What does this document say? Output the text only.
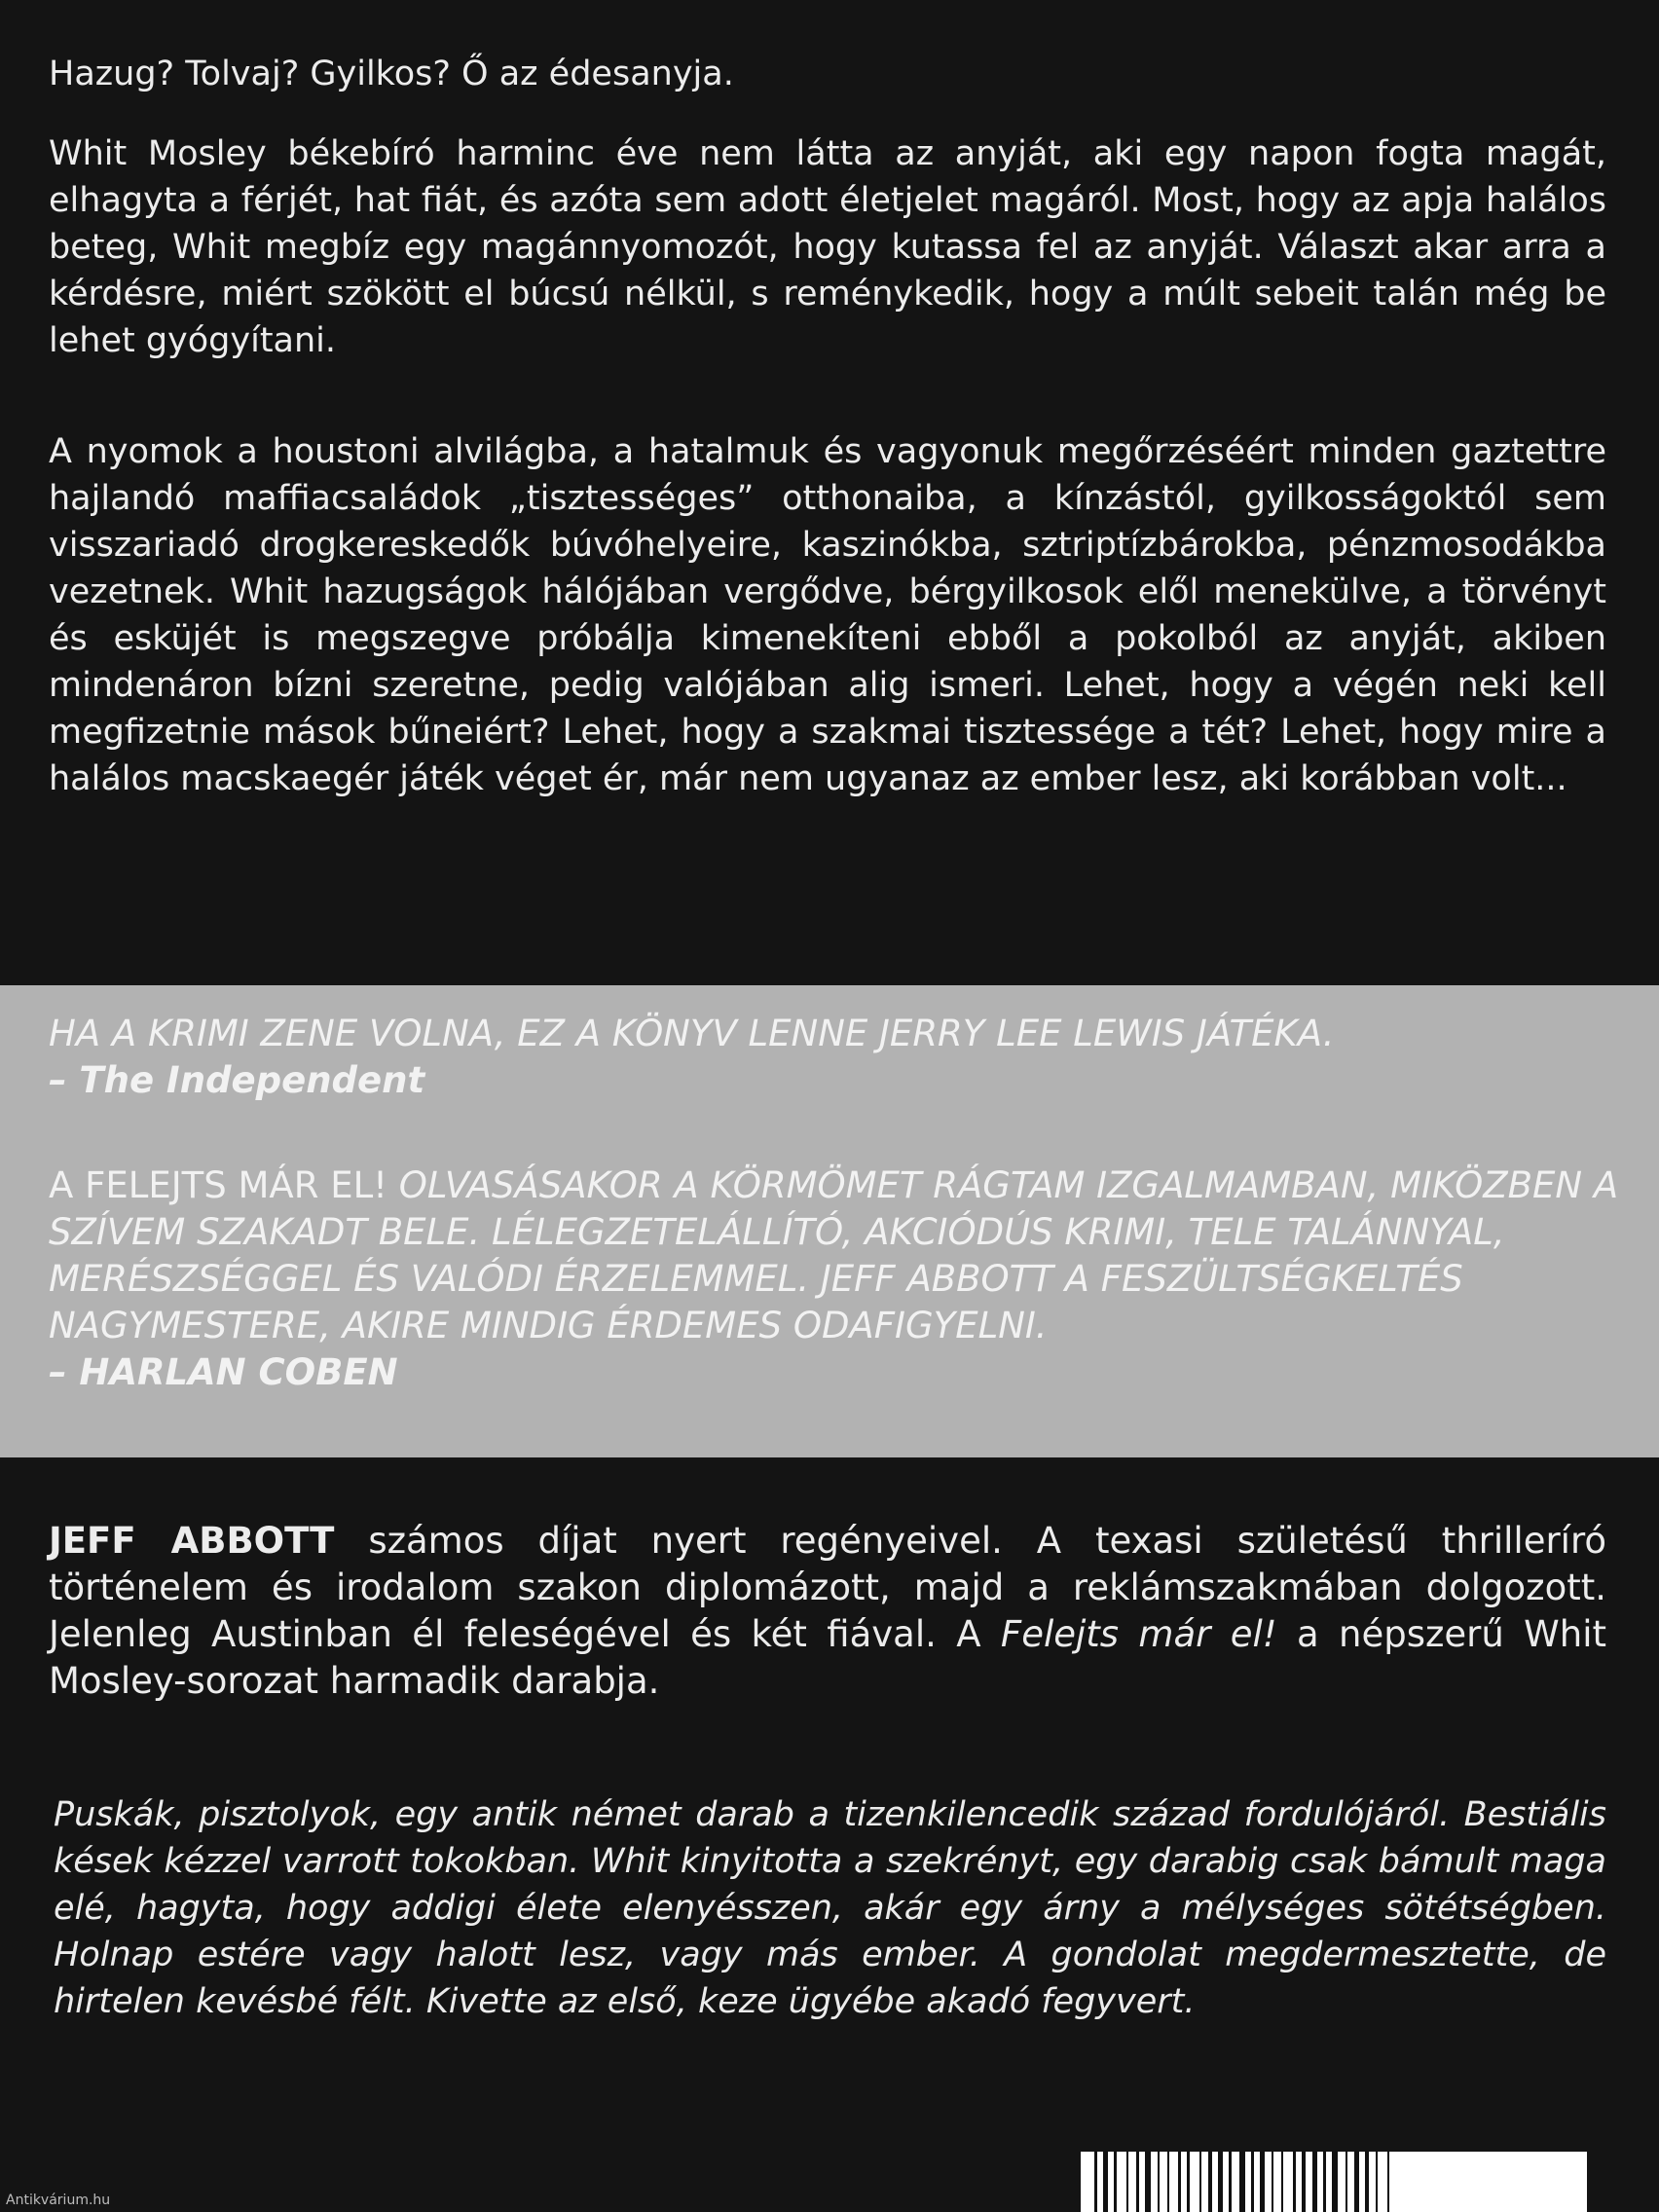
Hazug? Tolvaj? Gyilkos? Ő az édesanyja.

Whit Mosley békebíró harminc éve nem látta az anyját, aki egy napon fogta magát, elhagyta a férjét, hat fiát, és azóta sem adott életjelet magáról. Most, hogy az apja halálos beteg, Whit megbíz egy magánnyomozót, hogy kutassa fel az anyját. Választ akar arra a kérdésre, miért szökött el búcsú nélkül, s reménykedik, hogy a múlt sebeit talán még be lehet gyógyítani.

A nyomok a houstoni alvilágba, a hatalmuk és vagyonuk megőrzéséért minden gaztettre hajlandó maffiacsaládok „tisztességes” otthonaiba, a kínzástól, gyilkosságoktól sem visszariadó drogkereskedők búvóhelyeire, kaszinókba, sztriptízbárokba, pénzmosodákba vezetnek. Whit hazugságok hálójában vergődve, bérgyilkosok elől menekülve, a törvényt és esküjét is megszegve próbálja kimenekíteni ebből a pokolból az anyját, akiben mindenáron bízni szeretne, pedig valójában alig ismeri. Lehet, hogy a végén neki kell megfizetnie mások bűneiért? Lehet, hogy a szakmai tisztessége a tét? Lehet, hogy mire a halálos macskaegér játék véget ér, már nem ugyanaz az ember lesz, aki korábban volt...

HA A KRIMI ZENE VOLNA, EZ A KÖNYV LENNE JERRY LEE LEWIS JÁTÉKA.
– The Independent

A FELEJTS MÁR EL! OLVASÁSAKOR A KÖRMÖMET RÁGTAM IZGALMAMBAN, MIKÖZBEN A SZÍVEM SZAKADT BELE. LÉLEGZETELÁLLÍTÓ, AKCIÓDÚS KRIMI, TELE TALÁNNYAL, MERÉSZSÉGGEL ÉS VALÓDI ÉRZELEMMEL. JEFF ABBOTT A FESZÜLTSÉGKELTÉS NAGYMESTERE, AKIRE MINDIG ÉRDEMES ODAFIGYELNI.
– HARLAN COBEN

JEFF ABBOTT számos díjat nyert regényeivel. A texasi születésű thrilleríró történelem és irodalom szakon diplomázott, majd a reklámszakmában dolgozott. Jelenleg Austinban él feleségével és két fiával. A Felejts már el! a népszerű Whit Mosley-sorozat harmadik darabja.

Puskák, pisztolyok, egy antik német darab a tizenkilencedik század fordulójáról. Bestiális kések kézzel varrott tokokban. Whit kinyitotta a szekrényt, egy darabig csak bámult maga elé, hagyta, hogy addigi élete elenyésszen, akár egy árny a mélységes sötétségben. Holnap estére vagy halott lesz, vagy más ember. A gondolat megdermesztette, de hirtelen kevésbé félt. Kivette az első, keze ügyébe akadó fegyvert.

Antikvárium.hu
